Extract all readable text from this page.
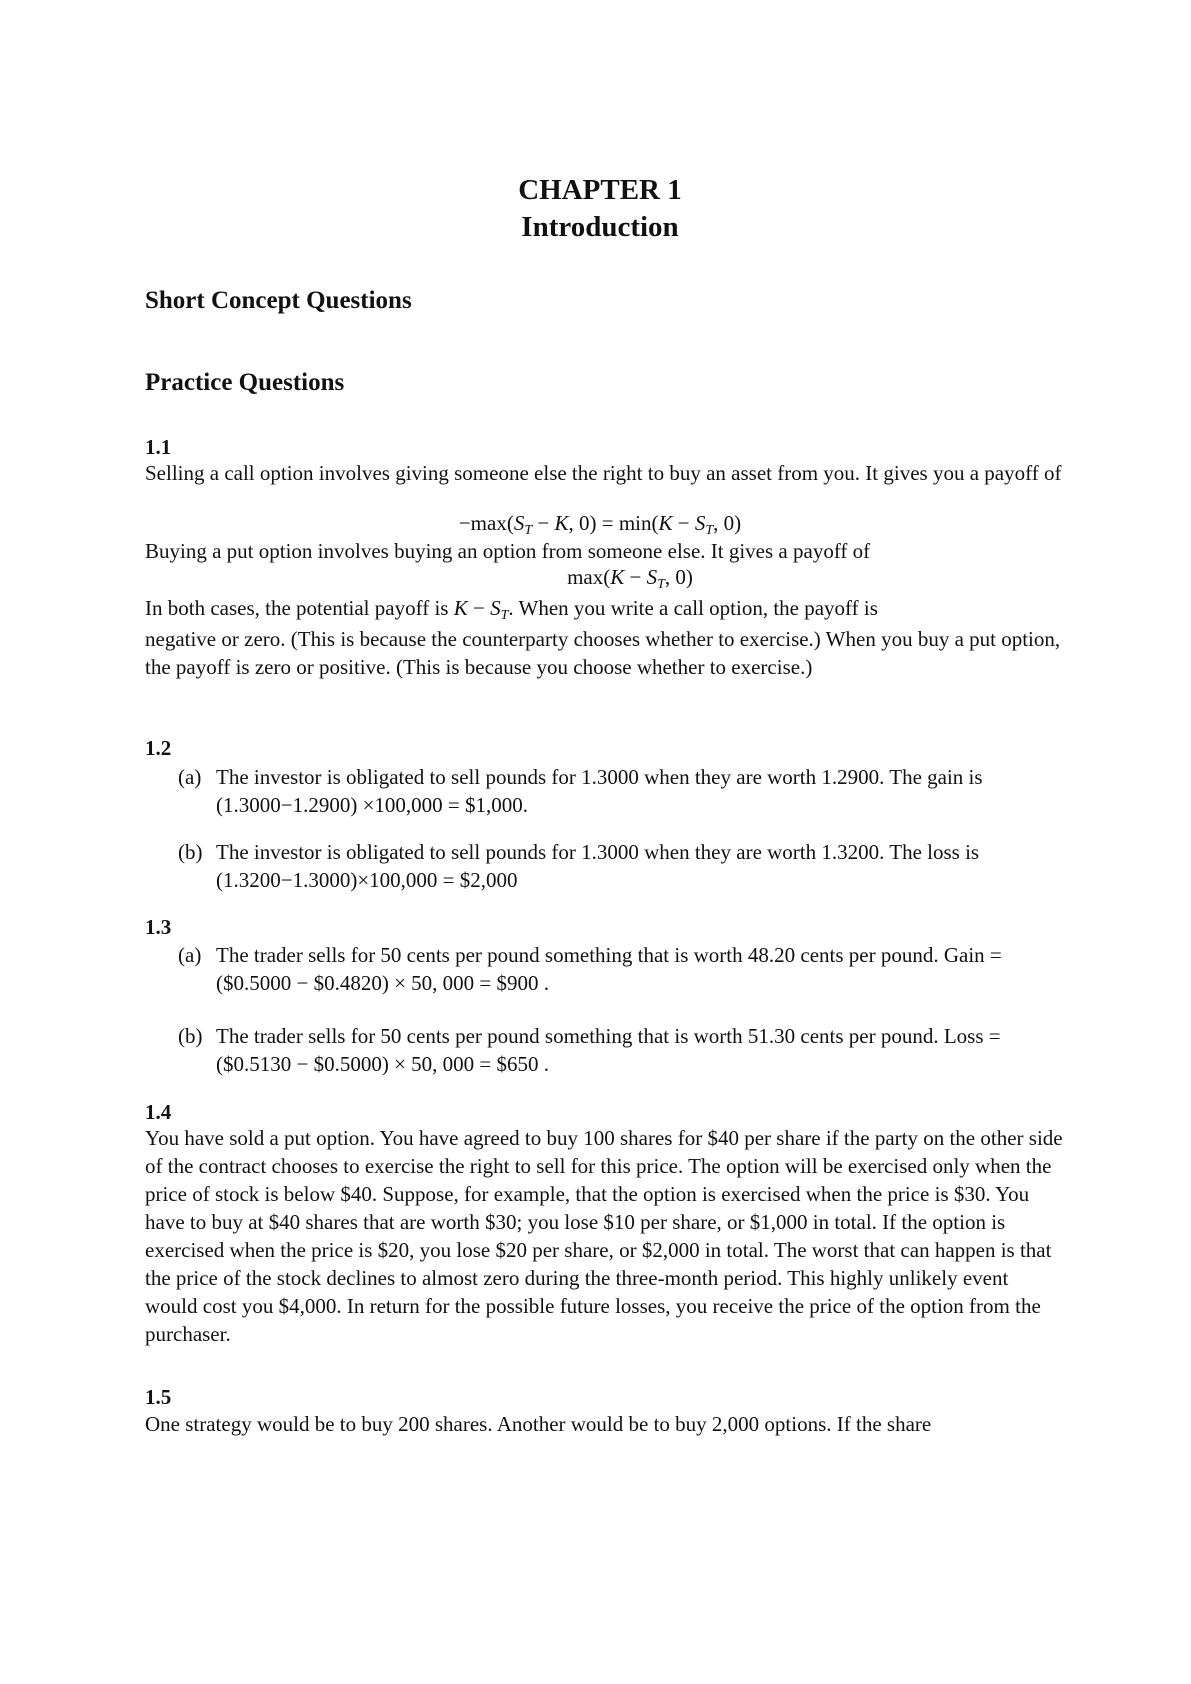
CHAPTER 1
Introduction
Short Concept Questions
Practice Questions
1.1
Selling a call option involves giving someone else the right to buy an asset from you. It gives you a payoff of
−max(ST − K, 0) = min(K − ST, 0)
Buying a put option involves buying an option from someone else. It gives a payoff of
max(K − ST, 0)
In both cases, the potential payoff is K − ST. When you write a call option, the payoff is
negative or zero. (This is because the counterparty chooses whether to exercise.) When you buy a put option, the payoff is zero or positive. (This is because you choose whether to exercise.)
1.2
(a) The investor is obligated to sell pounds for 1.3000 when they are worth 1.2900. The gain is (1.3000−1.2900) ×100,000 = $1,000.
(b) The investor is obligated to sell pounds for 1.3000 when they are worth 1.3200. The loss is (1.3200−1.3000)×100,000 = $2,000
1.3
(a) The trader sells for 50 cents per pound something that is worth 48.20 cents per pound. Gain = ($0.5000 − $0.4820) × 50, 000 = $900 .
(b) The trader sells for 50 cents per pound something that is worth 51.30 cents per pound. Loss = ($0.5130 − $0.5000) × 50, 000 = $650 .
1.4
You have sold a put option. You have agreed to buy 100 shares for $40 per share if the party on the other side of the contract chooses to exercise the right to sell for this price. The option will be exercised only when the price of stock is below $40. Suppose, for example, that the option is exercised when the price is $30. You have to buy at $40 shares that are worth $30; you lose $10 per share, or $1,000 in total. If the option is exercised when the price is $20, you lose $20 per share, or $2,000 in total. The worst that can happen is that the price of the stock declines to almost zero during the three-month period. This highly unlikely event would cost you $4,000. In return for the possible future losses, you receive the price of the option from the purchaser.
1.5
One strategy would be to buy 200 shares. Another would be to buy 2,000 options. If the share
